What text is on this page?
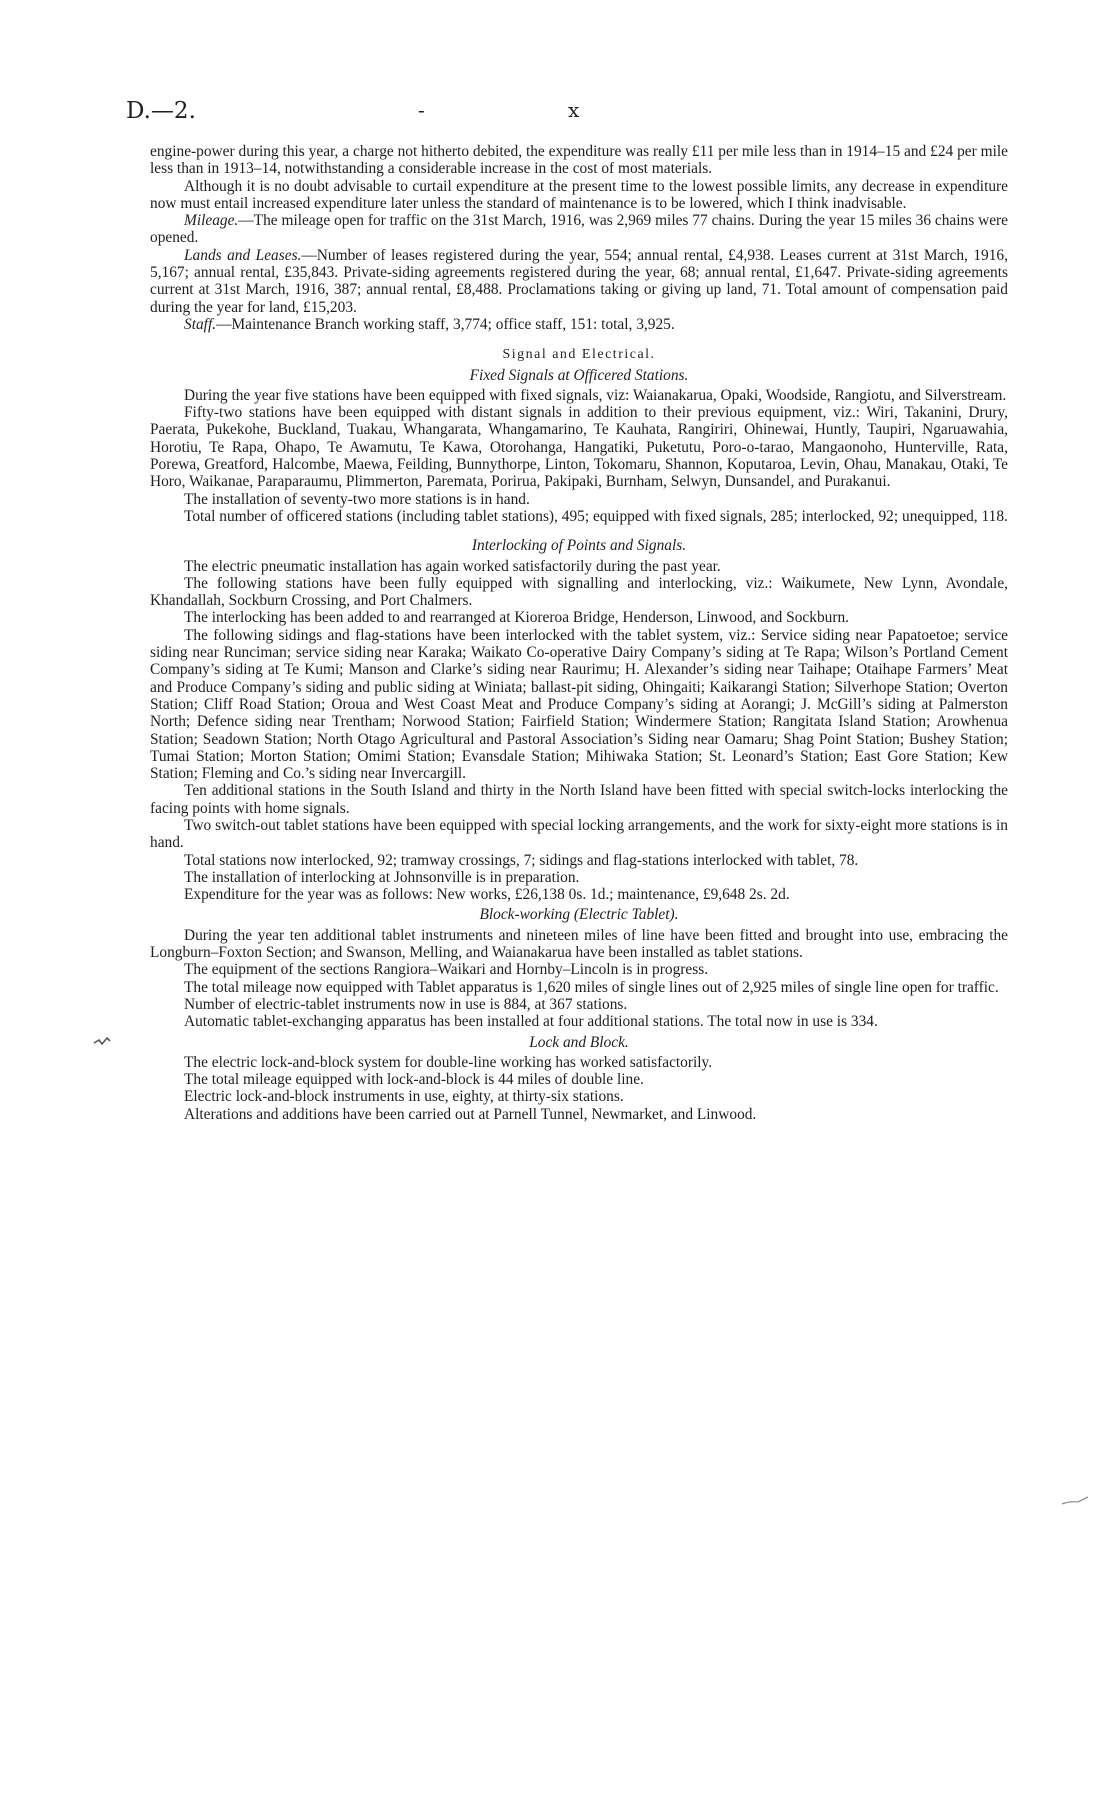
D.—2.	-	x

engine-power during this year, a charge not hitherto debited, the expenditure was really £11 per mile less than in 1914–15 and £24 per mile less than in 1913–14, notwithstanding a considerable increase in the cost of most materials.

Although it is no doubt advisable to curtail expenditure at the present time to the lowest possible limits, any decrease in expenditure now must entail increased expenditure later unless the standard of maintenance is to be lowered, which I think inadvisable.

Mileage.—The mileage open for traffic on the 31st March, 1916, was 2,969 miles 77 chains. During the year 15 miles 36 chains were opened.

Lands and Leases.—Number of leases registered during the year, 554; annual rental, £4,938. Leases current at 31st March, 1916, 5,167; annual rental, £35,843. Private-siding agreements registered during the year, 68; annual rental, £1,647. Private-siding agreements current at 31st March, 1916, 387; annual rental, £8,488. Proclamations taking or giving up land, 71. Total amount of compensation paid during the year for land, £15,203.

Staff.—Maintenance Branch working staff, 3,774; office staff, 151: total, 3,925.

Signal and Electrical.
Fixed Signals at Officered Stations.

During the year five stations have been equipped with fixed signals, viz: Waianakarua, Opaki, Woodside, Rangiotu, and Silverstream.

Fifty-two stations have been equipped with distant signals in addition to their previous equipment, viz.: Wiri, Takanini, Drury, Paerata, Pukekohe, Buckland, Tuakau, Whangarata, Whangamarino, Te Kauhata, Rangiriri, Ohinewai, Huntly, Taupiri, Ngaruawahia, Horotiu, Te Rapa, Ohapo, Te Awamutu, Te Kawa, Otorohanga, Hangatiki, Puketutu, Poro-o-tarao, Mangaonoho, Hunterville, Rata, Porewa, Greatford, Halcombe, Maewa, Feilding, Bunnythorpe, Linton, Tokomaru, Shannon, Koputaroa, Levin, Ohau, Manakau, Otaki, Te Horo, Waikanae, Paraparaumu, Plimmerton, Paremata, Porirua, Pakipaki, Burnham, Selwyn, Dunsandel, and Purakanui.

The installation of seventy-two more stations is in hand.

Total number of officered stations (including tablet stations), 495; equipped with fixed signals, 285; interlocked, 92; unequipped, 118.

Interlocking of Points and Signals.

The electric pneumatic installation has again worked satisfactorily during the past year.

The following stations have been fully equipped with signalling and interlocking, viz.: Waikumete, New Lynn, Avondale, Khandallah, Sockburn Crossing, and Port Chalmers.

The interlocking has been added to and rearranged at Kioreroa Bridge, Henderson, Linwood, and Sockburn.

The following sidings and flag-stations have been interlocked with the tablet system, viz.: Service siding near Papatoetoe; service siding near Runciman; service siding near Karaka; Waikato Co-operative Dairy Company’s siding at Te Rapa; Wilson’s Portland Cement Company’s siding at Te Kumi; Manson and Clarke’s siding near Raurimu; H. Alexander’s siding near Taihape; Otaihape Farmers’ Meat and Produce Company’s siding and public siding at Winiata; ballast-pit siding, Ohingaiti; Kaikarangi Station; Silverhope Station; Overton Station; Cliff Road Station; Oroua and West Coast Meat and Produce Company’s siding at Aorangi; J. McGill’s siding at Palmerston North; Defence siding near Trentham; Norwood Station; Fairfield Station; Windermere Station; Rangitata Island Station; Arowhenua Station; Seadown Station; North Otago Agricultural and Pastoral Association’s Siding near Oamaru; Shag Point Station; Bushey Station; Tumai Station; Morton Station; Omimi Station; Evansdale Station; Mihiwaka Station; St. Leonard’s Station; East Gore Station; Kew Station; Fleming and Co.’s siding near Invercargill.

Ten additional stations in the South Island and thirty in the North Island have been fitted with special switch-locks interlocking the facing points with home signals.

Two switch-out tablet stations have been equipped with special locking arrangements, and the work for sixty-eight more stations is in hand.

Total stations now interlocked, 92; tramway crossings, 7; sidings and flag-stations interlocked with tablet, 78.

The installation of interlocking at Johnsonville is in preparation.

Expenditure for the year was as follows: New works, £26,138 0s. 1d.; maintenance, £9,648 2s. 2d.

Block-working (Electric Tablet).

During the year ten additional tablet instruments and nineteen miles of line have been fitted and brought into use, embracing the Longburn–Foxton Section; and Swanson, Melling, and Waianakarua have been installed as tablet stations.

The equipment of the sections Rangiora–Waikari and Hornby–Lincoln is in progress.

The total mileage now equipped with Tablet apparatus is 1,620 miles of single lines out of 2,925 miles of single line open for traffic.

Number of electric-tablet instruments now in use is 884, at 367 stations.

Automatic tablet-exchanging apparatus has been installed at four additional stations. The total now in use is 334.

Lock and Block.

The electric lock-and-block system for double-line working has worked satisfactorily.

The total mileage equipped with lock-and-block is 44 miles of double line.

Electric lock-and-block instruments in use, eighty, at thirty-six stations.

Alterations and additions have been carried out at Parnell Tunnel, Newmarket, and Linwood.
